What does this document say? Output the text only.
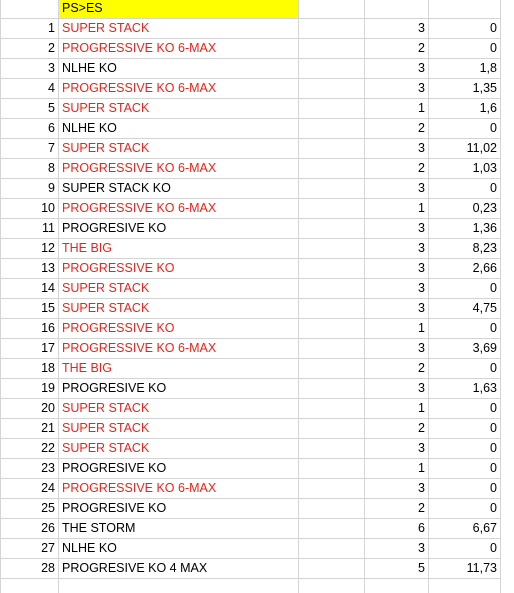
	PS>ES			
1	SUPER STACK		3	0
2	PROGRESSIVE KO 6-MAX		2	0
3	NLHE KO		3	1,8
4	PROGRESSIVE KO 6-MAX		3	1,35
5	SUPER STACK		1	1,6
6	NLHE KO		2	0
7	SUPER STACK		3	11,02
8	PROGRESSIVE KO 6-MAX		2	1,03
9	SUPER STACK KO		3	0
10	PROGRESSIVE KO 6-MAX		1	0,23
11	PROGRESIVE KO		3	1,36
12	THE BIG		3	8,23
13	PROGRESSIVE KO		3	2,66
14	SUPER STACK		3	0
15	SUPER STACK		3	4,75
16	PROGRESSIVE KO		1	0
17	PROGRESSIVE KO 6-MAX		3	3,69
18	THE BIG		2	0
19	PROGRESIVE KO		3	1,63
20	SUPER STACK		1	0
21	SUPER STACK		2	0
22	SUPER STACK		3	0
23	PROGRESIVE KO		1	0
24	PROGRESSIVE KO 6-MAX		3	0
25	PROGRESIVE KO		2	0
26	THE STORM		6	6,67
27	NLHE KO		3	0
28	PROGRESIVE KO 4 MAX		5	11,73
